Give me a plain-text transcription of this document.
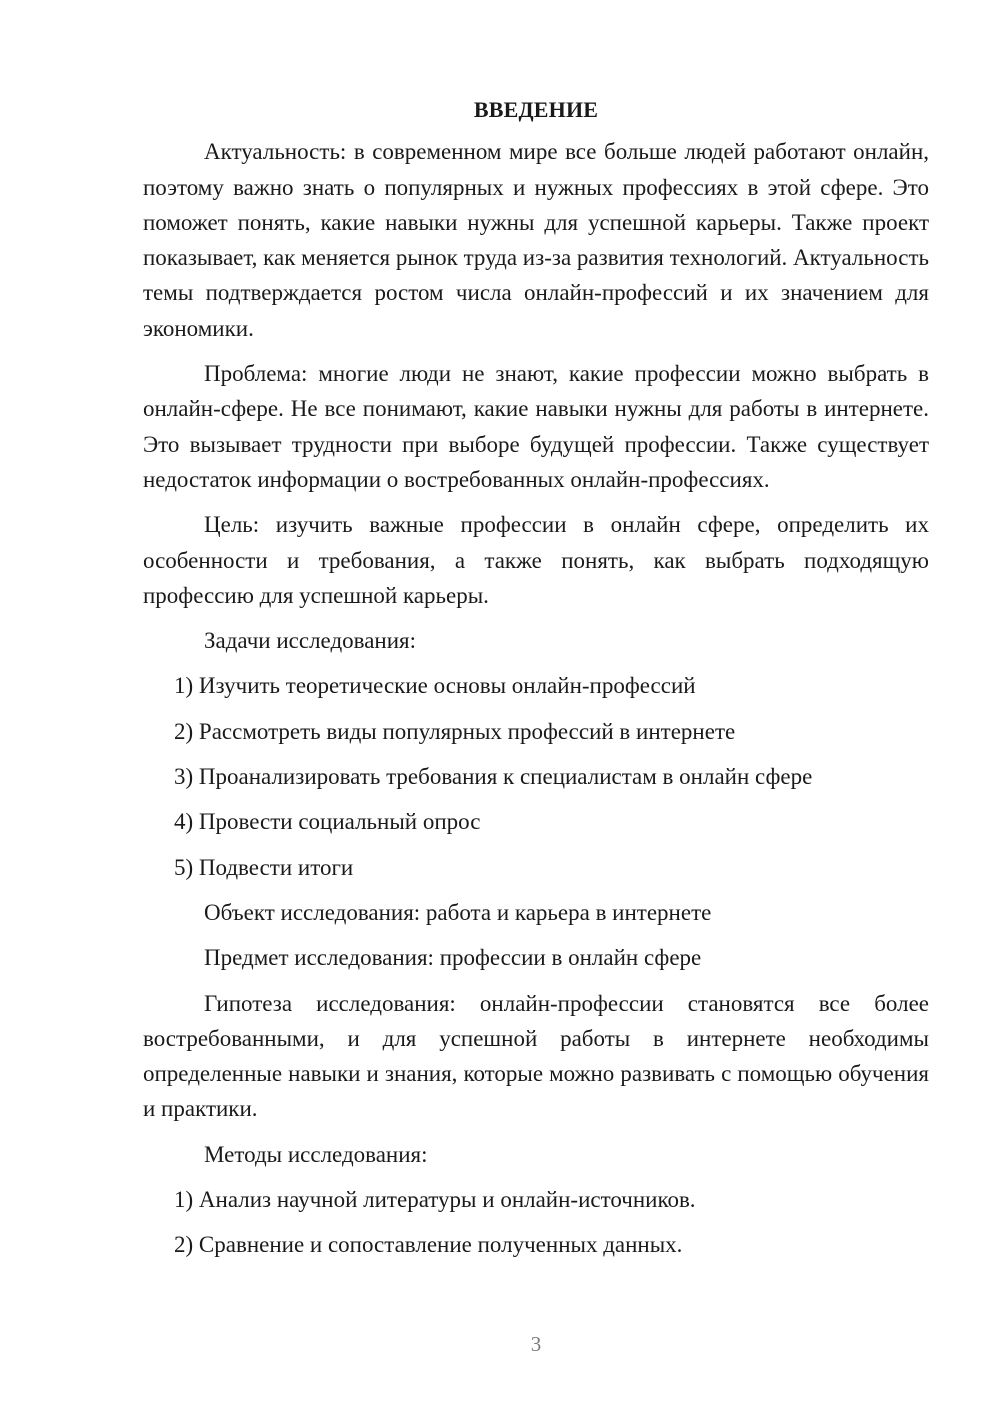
ВВЕДЕНИЕ

Актуальность: в современном мире все больше людей работают онлайн, поэтому важно знать о популярных и нужных профессиях в этой сфере. Это поможет понять, какие навыки нужны для успешной карьеры. Также проект показывает, как меняется рынок труда из-за развития технологий. Актуальность темы подтверждается ростом числа онлайн-профессий и их значением для экономики.

Проблема: многие люди не знают, какие профессии можно выбрать в онлайн-сфере. Не все понимают, какие навыки нужны для работы в интернете. Это вызывает трудности при выборе будущей профессии. Также существует недостаток информации о востребованных онлайн-профессиях.

Цель: изучить важные профессии в онлайн сфере, определить их особенности и требования, а также понять, как выбрать подходящую профессию для успешной карьеры.

Задачи исследования:
1) Изучить теоретические основы онлайн-профессий
2) Рассмотреть виды популярных профессий в интернете
3) Проанализировать требования к специалистам в онлайн сфере
4) Провести социальный опрос
5) Подвести итоги
Объект исследования: работа и карьера в интернете
Предмет исследования: профессии в онлайн сфере

Гипотеза исследования: онлайн-профессии становятся все более востребованными, и для успешной работы в интернете необходимы определенные навыки и знания, которые можно развивать с помощью обучения и практики.

Методы исследования:
1) Анализ научной литературы и онлайн-источников.
2) Сравнение и сопоставление полученных данных.
3
